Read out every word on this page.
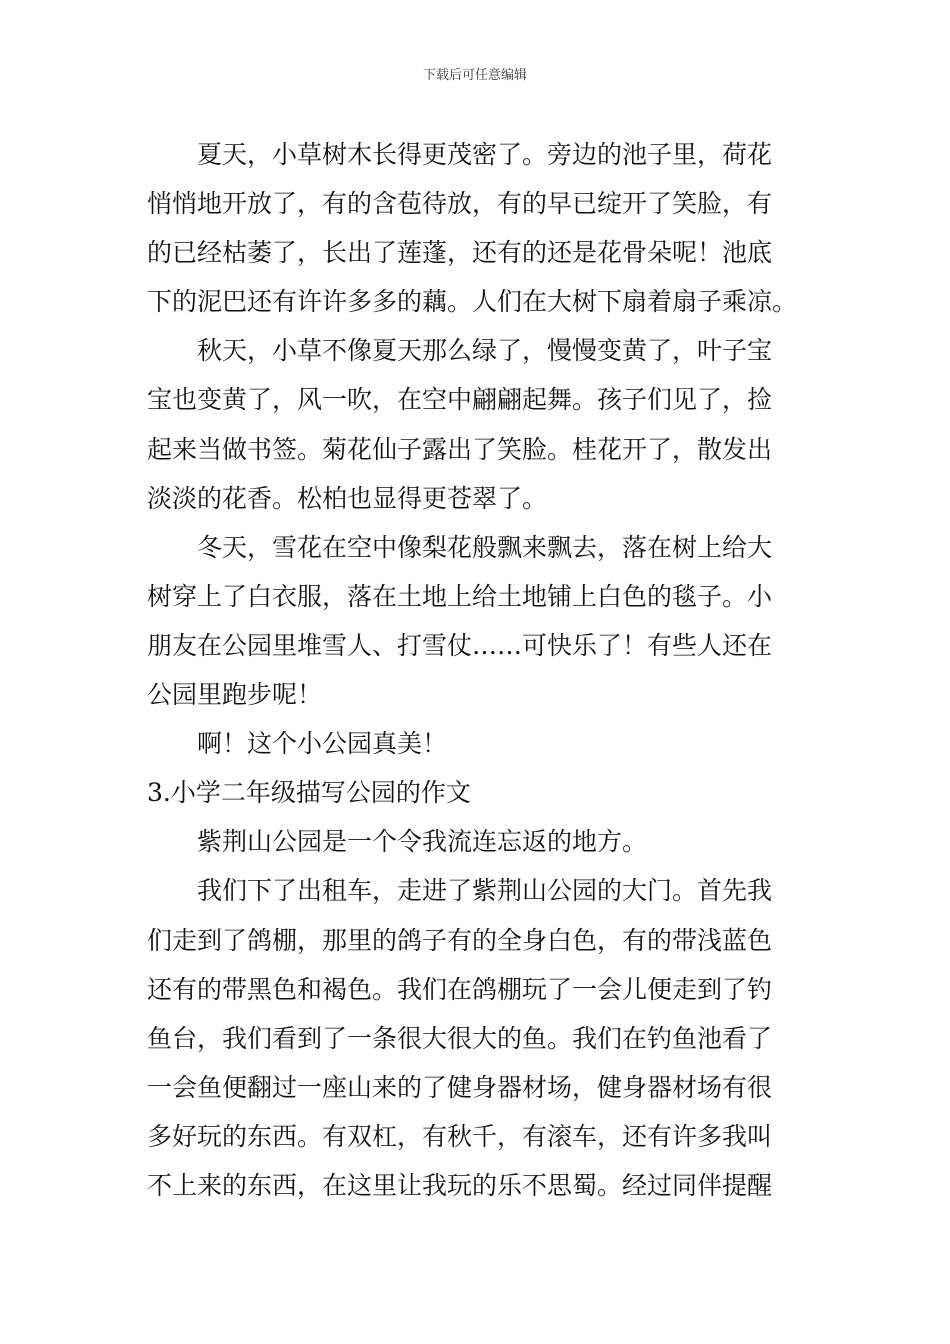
下载后可任意编辑
夏天，小草树木长得更茂密了。旁边的池子里，荷花
悄悄地开放了，有的含苞待放，有的早已绽开了笑脸，有
的已经枯萎了，长出了莲蓬，还有的还是花骨朵呢！池底
下的泥巴还有许许多多的藕。人们在大树下扇着扇子乘凉。
秋天，小草不像夏天那么绿了，慢慢变黄了，叶子宝
宝也变黄了，风一吹，在空中翩翩起舞。孩子们见了，捡
起来当做书签。菊花仙子露出了笑脸。桂花开了，散发出
淡淡的花香。松柏也显得更苍翠了。
冬天，雪花在空中像梨花般飘来飘去，落在树上给大
树穿上了白衣服，落在土地上给土地铺上白色的毯子。小
朋友在公园里堆雪人、打雪仗……可快乐了！有些人还在
公园里跑步呢！
啊！这个小公园真美！
3.小学二年级描写公园的作文
紫荆山公园是一个令我流连忘返的地方。
我们下了出租车，走进了紫荆山公园的大门。首先我
们走到了鸽棚，那里的鸽子有的全身白色，有的带浅蓝色
还有的带黑色和褐色。我们在鸽棚玩了一会儿便走到了钓
鱼台，我们看到了一条很大很大的鱼。我们在钓鱼池看了
一会鱼便翻过一座山来的了健身器材场，健身器材场有很
多好玩的东西。有双杠，有秋千，有滚车，还有许多我叫
不上来的东西，在这里让我玩的乐不思蜀。经过同伴提醒
